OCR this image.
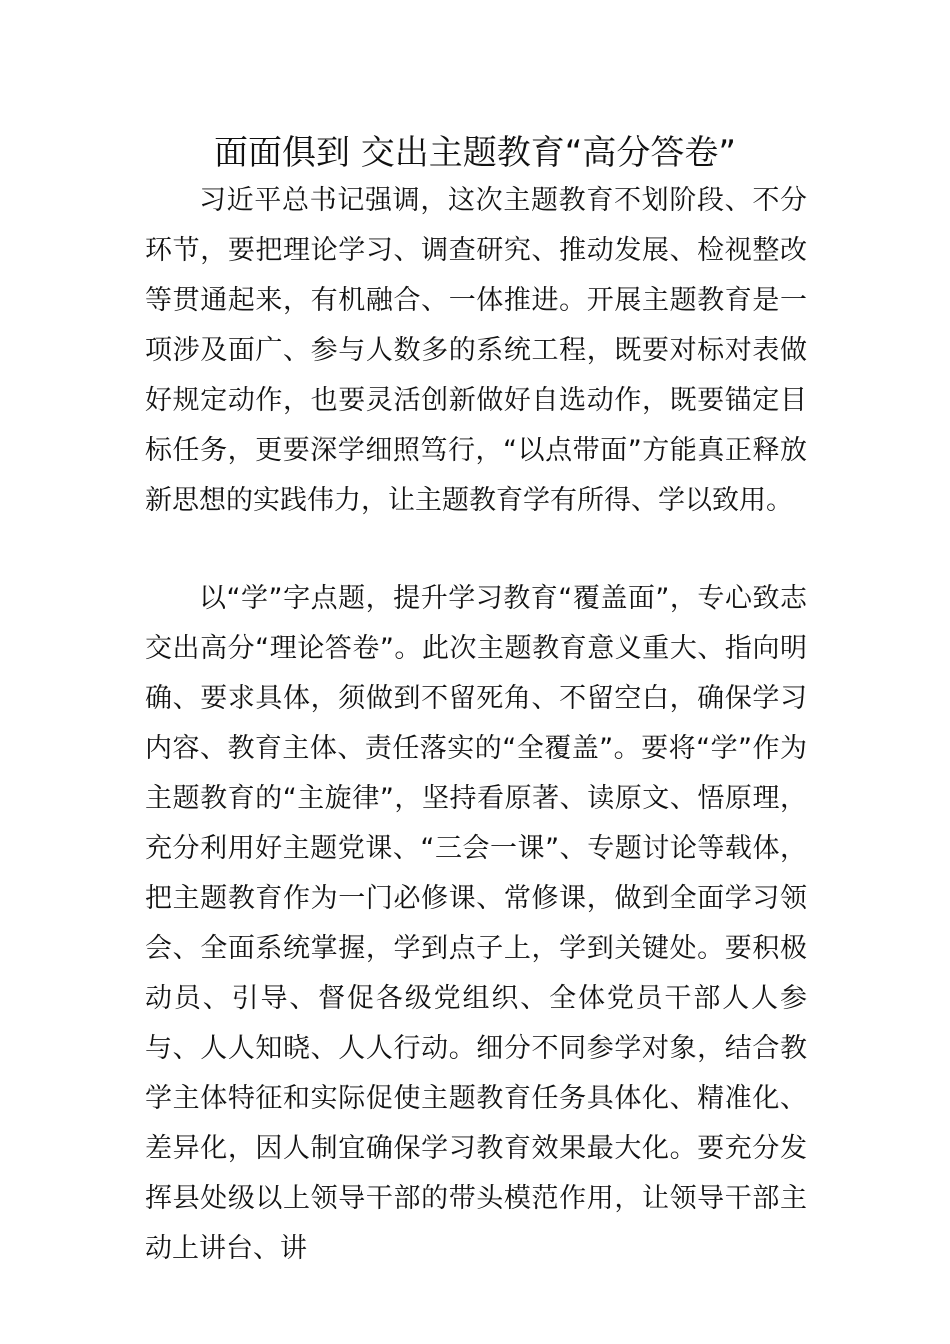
面面俱到 交出主题教育“高分答卷”

习近平总书记强调，这次主题教育不划阶段、不分环节，要把理论学习、调查研究、推动发展、检视整改等贯通起来，有机融合、一体推进。开展主题教育是一项涉及面广、参与人数多的系统工程，既要对标对表做好规定动作，也要灵活创新做好自选动作，既要锚定目标任务，更要深学细照笃行，“以点带面”方能真正释放新思想的实践伟力，让主题教育学有所得、学以致用。

以“学”字点题，提升学习教育“覆盖面”，专心致志交出高分“理论答卷”。此次主题教育意义重大、指向明确、要求具体，须做到不留死角、不留空白，确保学习内容、教育主体、责任落实的“全覆盖”。要将“学”作为主题教育的“主旋律”，坚持看原著、读原文、悟原理，充分利用好主题党课、“三会一课”、专题讨论等载体，把主题教育作为一门必修课、常修课，做到全面学习领会、全面系统掌握，学到点子上，学到关键处。要积极动员、引导、督促各级党组织、全体党员干部人人参与、人人知晓、人人行动。细分不同参学对象，结合教学主体特征和实际促使主题教育任务具体化、精准化、差异化，因人制宜确保学习教育效果最大化。要充分发挥县处级以上领导干部的带头模范作用，让领导干部主动上讲台、讲
